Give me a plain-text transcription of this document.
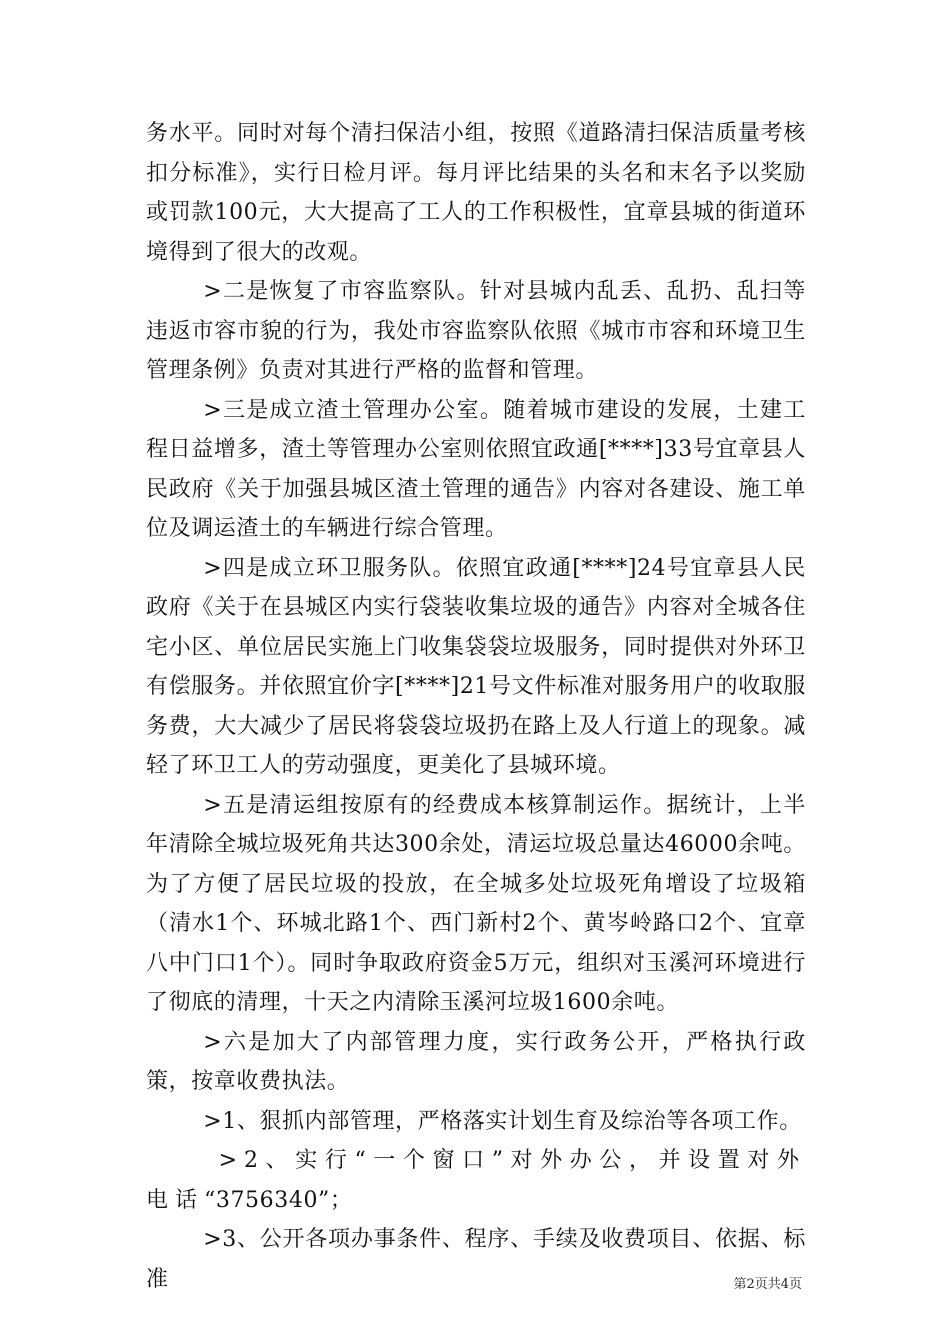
务水平。同时对每个清扫保洁小组，按照《道路清扫保洁质量考核扣分标准》，实行日检月评。每月评比结果的头名和末名予以奖励或罚款100元，大大提高了工人的工作积极性，宜章县城的街道环境得到了很大的改观。

>二是恢复了市容监察队。针对县城内乱丢、乱扔、乱扫等违返市容市貌的行为，我处市容监察队依照《城市市容和环境卫生管理条例》负责对其进行严格的监督和管理。

>三是成立渣土管理办公室。随着城市建设的发展，土建工程日益增多，渣土等管理办公室则依照宜政通[****]33号宜章县人民政府《关于加强县城区渣土管理的通告》内容对各建设、施工单位及调运渣土的车辆进行综合管理。

>四是成立环卫服务队。依照宜政通[****]24号宜章县人民政府《关于在县城区内实行袋装收集垃圾的通告》内容对全城各住宅小区、单位居民实施上门收集袋袋垃圾服务，同时提供对外环卫有偿服务。并依照宜价字[****]21号文件标准对服务用户的收取服务费，大大减少了居民将袋袋垃圾扔在路上及人行道上的现象。减轻了环卫工人的劳动强度，更美化了县城环境。

>五是清运组按原有的经费成本核算制运作。据统计，上半年清除全城垃圾死角共达300余处，清运垃圾总量达46000余吨。为了方便了居民垃圾的投放，在全城多处垃圾死角增设了垃圾箱（清水1个、环城北路1个、西门新村2个、黄岑岭路口2个、宜章八中门口1个）。同时争取政府资金5万元，组织对玉溪河环境进行了彻底的清理，十天之内清除玉溪河垃圾1600余吨。

>六是加大了内部管理力度，实行政务公开，严格执行政策，按章收费执法。

>1、狠抓内部管理，严格落实计划生育及综治等各项工作。

>2、实行“一个窗口”对外办公，并设置对外电话“3756340”；

>3、公开各项办事条件、程序、手续及收费项目、依据、标准	第2页共4页
